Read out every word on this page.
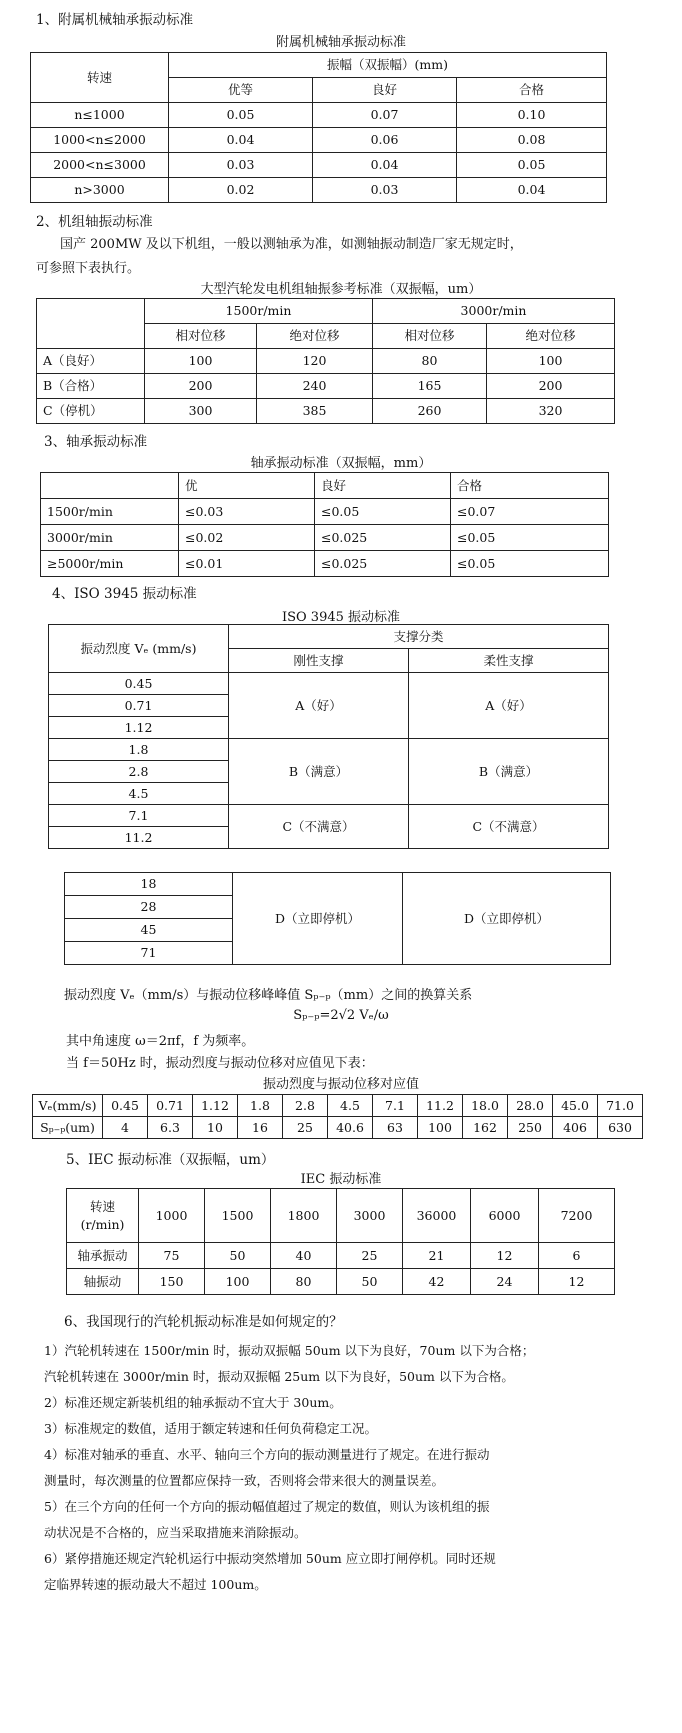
1、附属机械轴承振动标准
附属机械轴承振动标准
转速	振幅（双振幅）(mm)		
	优等	良好	合格
n≤1000	0.05	0.07	0.10
1000<n≤2000	0.04	0.06	0.08
2000<n≤3000	0.03	0.04	0.05
n>3000	0.02	0.03	0.04
2、机组轴振动标准
国产 200MW 及以下机组，一般以测轴承为准，如测轴振动制造厂家无规定时，
可参照下表执行。
大型汽轮发电机组轴振参考标准（双振幅，um）
	1500r/min		3000r/min	
	相对位移	绝对位移	相对位移	绝对位移
A（良好）	100	120	80	100
B（合格）	200	240	165	200
C（停机）	300	385	260	320
3、轴承振动标准
轴承振动标准（双振幅，mm）
	优	良好	合格
1500r/min	≤0.03	≤0.05	≤0.07
3000r/min	≤0.02	≤0.025	≤0.05
≥5000r/min	≤0.01	≤0.025	≤0.05
4、ISO 3945 振动标准
ISO 3945 振动标准
振动烈度 Vₑ (mm/s)	支撑分类	
	刚性支撑	柔性支撑
0.45	A（好）	A（好）
0.71		
1.12		
1.8	B（满意）	B（满意）
2.8		
4.5		
7.1	C（不满意）	C（不满意）
11.2		
18	D（立即停机）	D（立即停机）
28
45
71
振动烈度 Vₑ（mm/s）与振动位移峰峰值 Sₚ₋ₚ（mm）之间的换算关系
Sₚ₋ₚ=2√2 Vₑ/ω
其中角速度 ω＝2πf，f 为频率。
当 f＝50Hz 时，振动烈度与振动位移对应值见下表：
振动烈度与振动位移对应值
Vₑ(mm/s)	0.45	0.71	1.12	1.8	2.8	4.5	7.1	11.2	18.0	28.0	45.0	71.0
Sₚ₋ₚ(um)	4	6.3	10	16	25	40.6	63	100	162	250	406	630
5、IEC 振动标准（双振幅，um）
IEC 振动标准
转速
(r/min)	1000	1500	1800	3000	36000	6000	7200
轴承振动	75	50	40	25	21	12	6
轴振动	150	100	80	50	42	24	12
6、我国现行的汽轮机振动标准是如何规定的？
1）汽轮机转速在 1500r/min 时，振动双振幅 50um 以下为良好，70um 以下为合格；
汽轮机转速在 3000r/min 时，振动双振幅 25um 以下为良好，50um 以下为合格。
2）标准还规定新装机组的轴承振动不宜大于 30um。
3）标准规定的数值，适用于额定转速和任何负荷稳定工况。
4）标准对轴承的垂直、水平、轴向三个方向的振动测量进行了规定。在进行振动
测量时，每次测量的位置都应保持一致，否则将会带来很大的测量误差。
5）在三个方向的任何一个方向的振动幅值超过了规定的数值，则认为该机组的振
动状况是不合格的，应当采取措施来消除振动。
6）紧停措施还规定汽轮机运行中振动突然增加 50um 应立即打闸停机。同时还规
定临界转速的振动最大不超过 100um。
